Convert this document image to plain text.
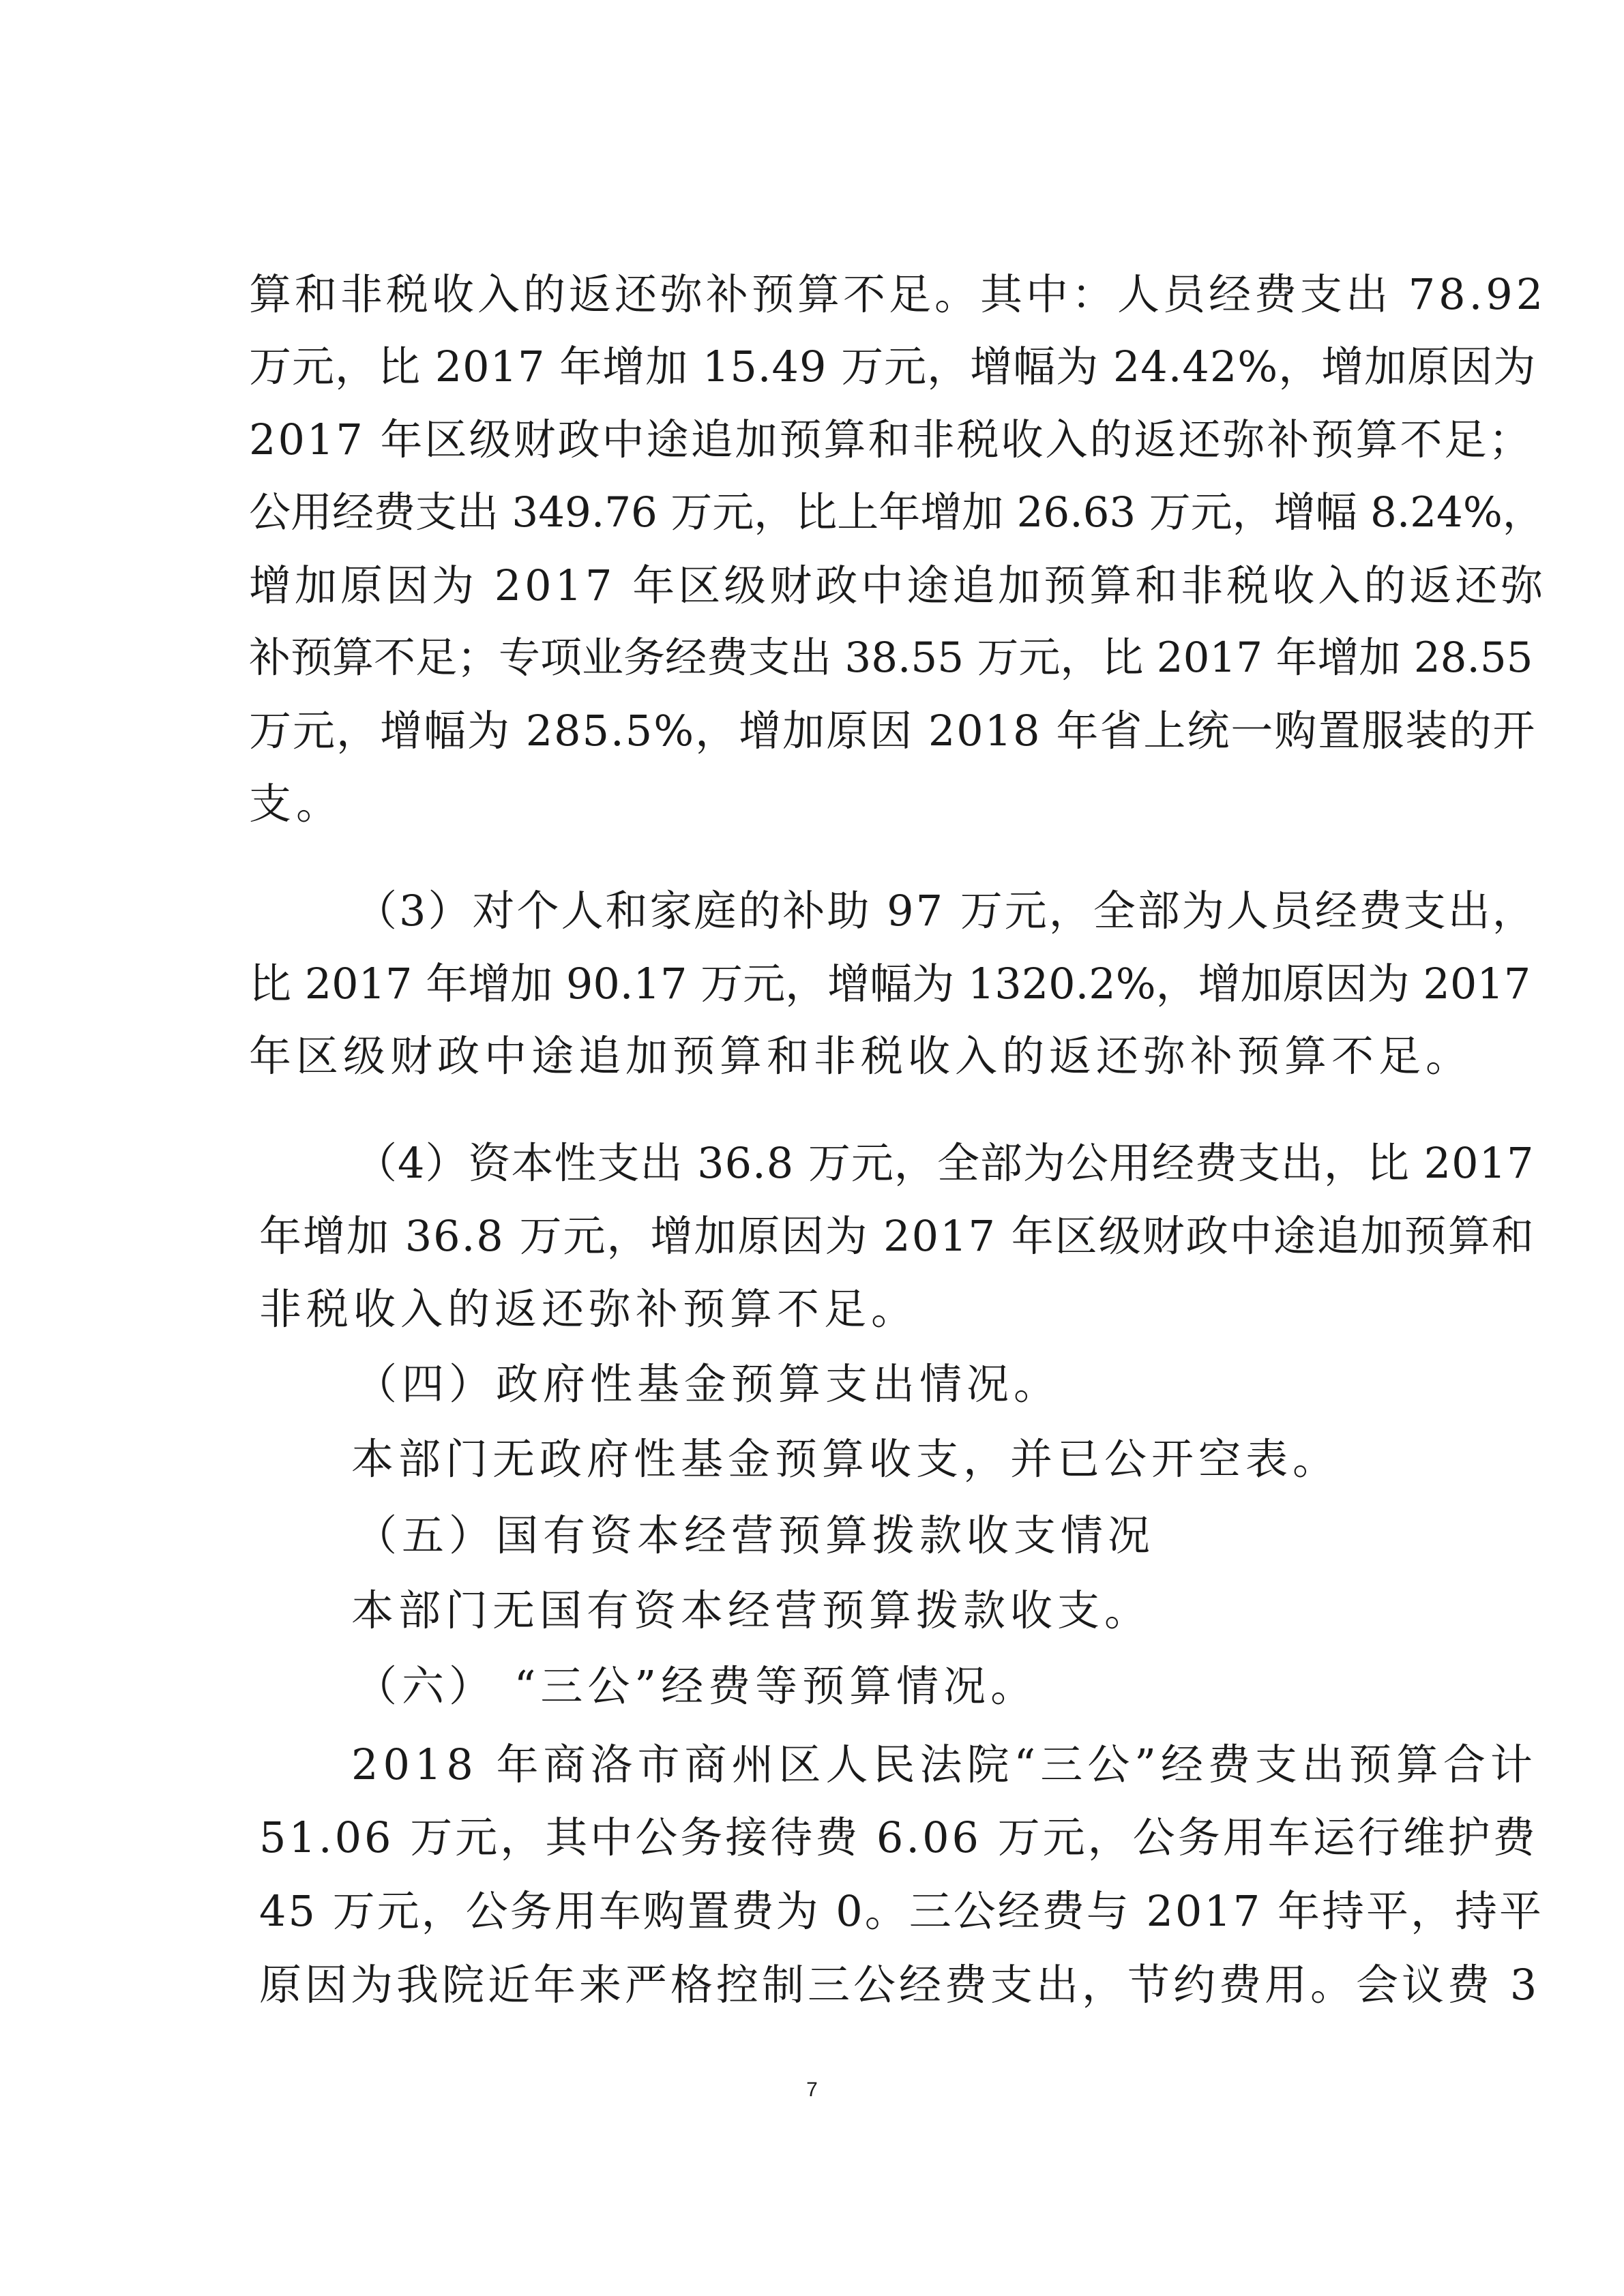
算和非税收入的返还弥补预算不足。其中：人员经费支出 78.92
万元，比 2017 年增加 15.49 万元，增幅为 24.42%，增加原因为
2017 年区级财政中途追加预算和非税收入的返还弥补预算不足；
公用经费支出 349.76 万元，比上年增加 26.63 万元，增幅 8.24%，
增加原因为 2017 年区级财政中途追加预算和非税收入的返还弥
补预算不足；专项业务经费支出 38.55 万元，比 2017 年增加 28.55
万元，增幅为 285.5%，增加原因 2018 年省上统一购置服装的开
支。
（3）对个人和家庭的补助 97 万元，全部为人员经费支出，
比 2017 年增加 90.17 万元，增幅为 1320.2%，增加原因为 2017
年区级财政中途追加预算和非税收入的返还弥补预算不足。
（4）资本性支出 36.8 万元，全部为公用经费支出，比 2017
年增加 36.8 万元，增加原因为 2017 年区级财政中途追加预算和
非税收入的返还弥补预算不足。
（四）政府性基金预算支出情况。
本部门无政府性基金预算收支，并已公开空表。
（五）国有资本经营预算拨款收支情况
本部门无国有资本经营预算拨款收支。
（六） “三公”经费等预算情况。
2018 年商洛市商州区人民法院“三公”经费支出预算合计
51.06 万元，其中公务接待费 6.06 万元，公务用车运行维护费
45 万元，公务用车购置费为 0。三公经费与 2017 年持平，持平
原因为我院近年来严格控制三公经费支出，节约费用。会议费 3
7
